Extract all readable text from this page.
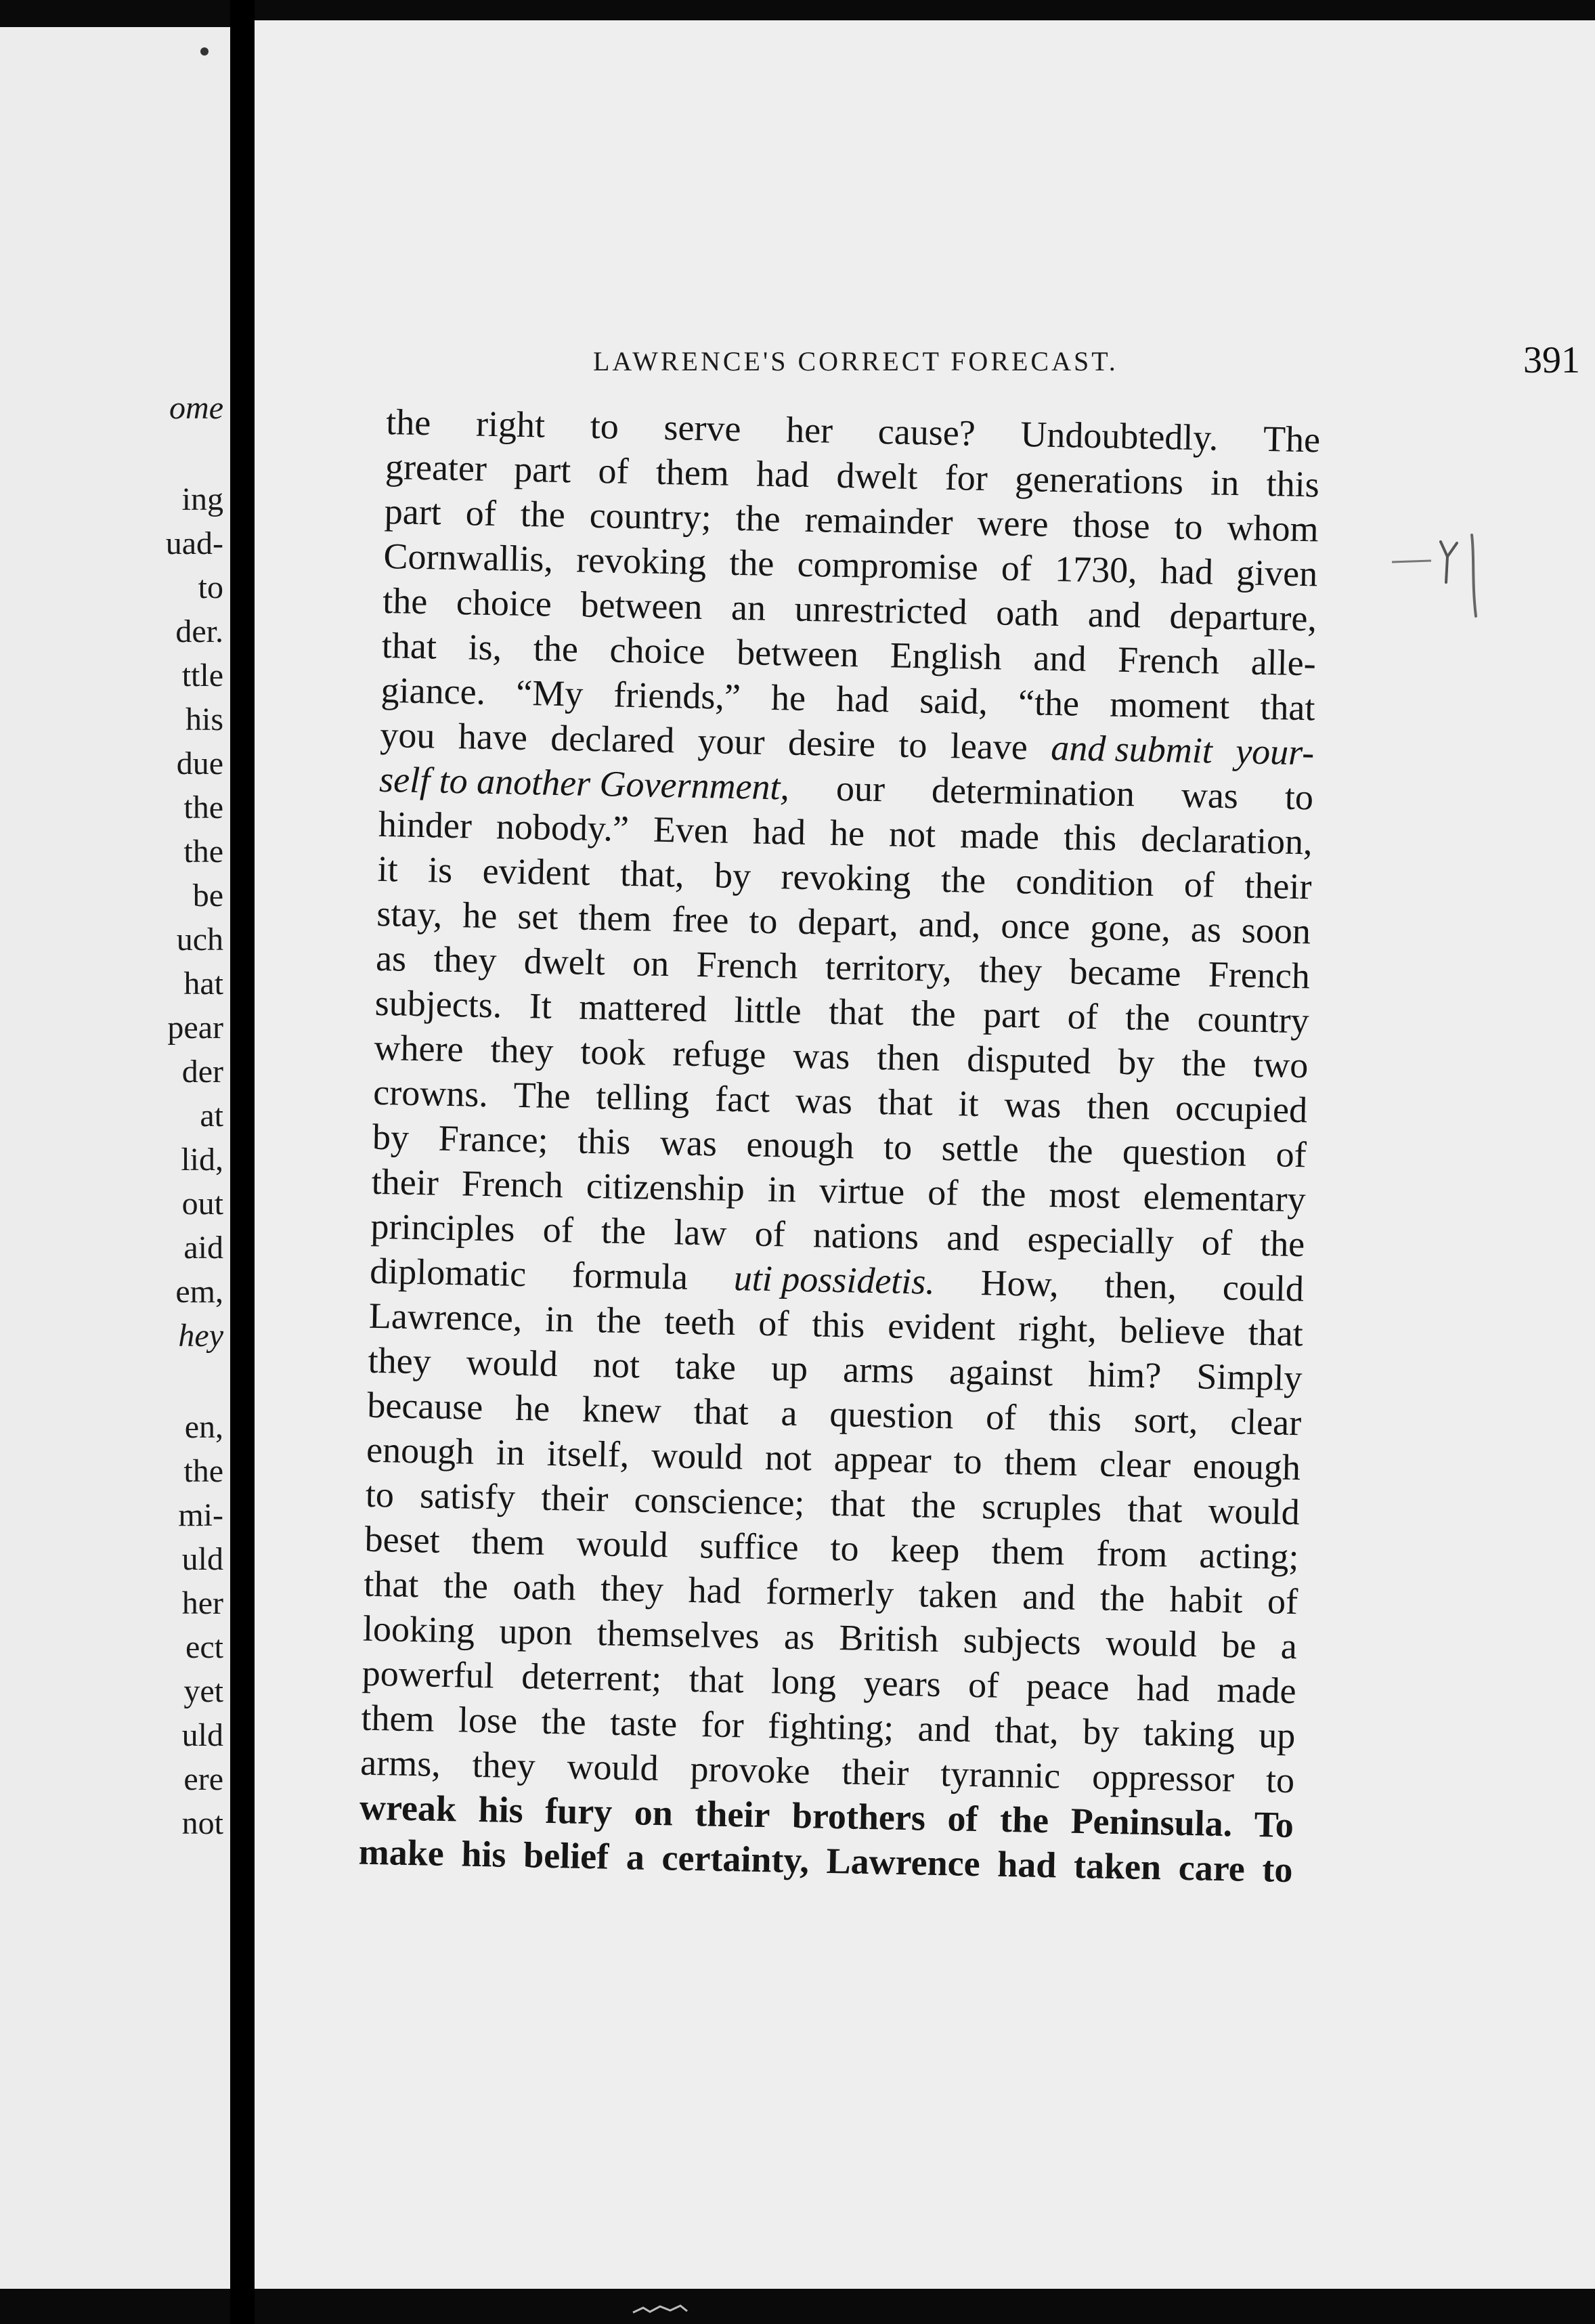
ome
ing
uad-
to
der.
ttle
his
due
the
the
be
uch
hat
pear
der
at
lid,
out
aid
em,
hey
en,
the
mi-
uld
her
ect
yet
uld
ere
not
LAWRENCE'S CORRECT FORECAST.	391
the right to serve her cause? Undoubtedly. The
greater part of them had dwelt for generations in this
part of the country; the remainder were those to whom
Cornwallis, revoking the compromise of 1730, had given
the choice between an unrestricted oath and departure,
that is, the choice between English and French alle-
giance. “My friends,” he had said, “the moment that
you have declared your desire to leave and submit your-
self to another Government, our determination was to
hinder nobody.” Even had he not made this declaration,
it is evident that, by revoking the condition of their
stay, he set them free to depart, and, once gone, as soon
as they dwelt on French territory, they became French
subjects. It mattered little that the part of the country
where they took refuge was then disputed by the two
crowns. The telling fact was that it was then occupied
by France; this was enough to settle the question of
their French citizenship in virtue of the most elementary
principles of the law of nations and especially of the
diplomatic formula uti possidetis. How, then, could
Lawrence, in the teeth of this evident right, believe that
they would not take up arms against him? Simply
because he knew that a question of this sort, clear
enough in itself, would not appear to them clear enough
to satisfy their conscience; that the scruples that would
beset them would suffice to keep them from acting;
that the oath they had formerly taken and the habit of
looking upon themselves as British subjects would be a
powerful deterrent; that long years of peace had made
them lose the taste for fighting; and that, by taking up
arms, they would provoke their tyrannic oppressor to
wreak his fury on their brothers of the Peninsula. To
make his belief a certainty, Lawrence had taken care to
